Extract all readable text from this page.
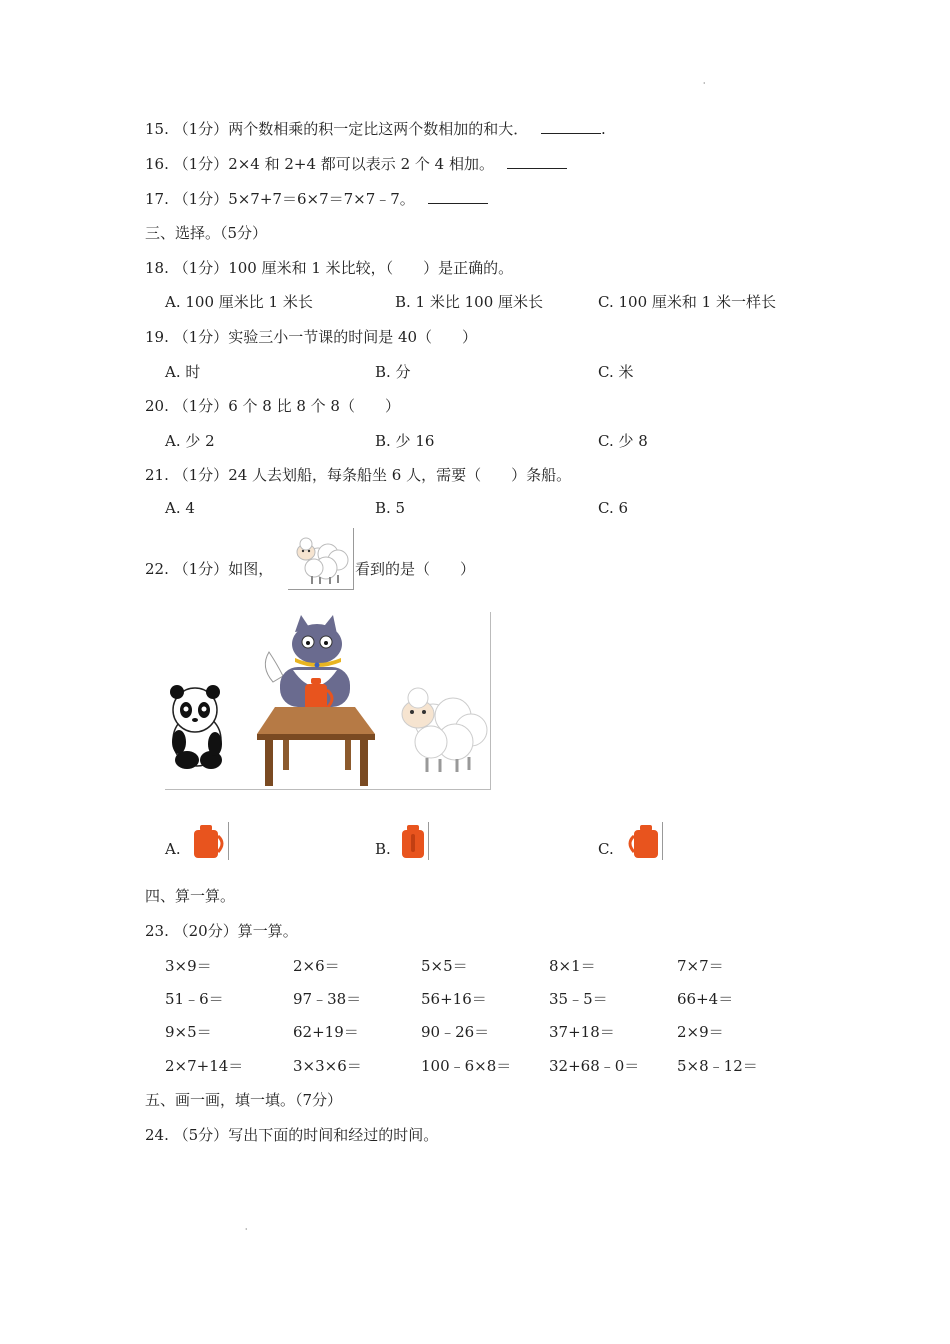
⸱
15. （1分）两个数相乘的积一定比这两个数相加的和大．	.
16. （1分）2×4 和 2+4 都可以表示 2 个 4 相加。
17. （1分）5×7+7＝6×7＝7×7﹣7。
三、选择。（5分）
18. （1分）100 厘米和 1 米比较，（　　）是正确的。
A. 100 厘米比 1 米长	B. 1 米比 100 厘米长	C. 100 厘米和 1 米一样长
19. （1分）实验三小一节课的时间是 40（　　）
A. 时	B. 分	C. 米
20. （1分）6 个 8 比 8 个 8（　　）
A. 少 2	B. 少 16	C. 少 8
21. （1分）24 人去划船，每条船坐 6 人，需要（　　）条船。
A. 4	B. 5	C. 6
22. （1分）如图，	看到的是（　　）
A.	B.	C.
四、算一算。
23. （20分）算一算。
3×9＝	2×6＝	5×5＝	8×1＝	7×7＝
51﹣6＝	97﹣38＝	56+16＝	35﹣5＝	66+4＝
9×5＝	62+19＝	90﹣26＝	37+18＝	2×9＝
2×7+14＝	3×3×6＝	100﹣6×8＝	32+68﹣0＝	5×8﹣12＝
五、画一画，填一填。（7分）
24. （5分）写出下面的时间和经过的时间。
⸱
